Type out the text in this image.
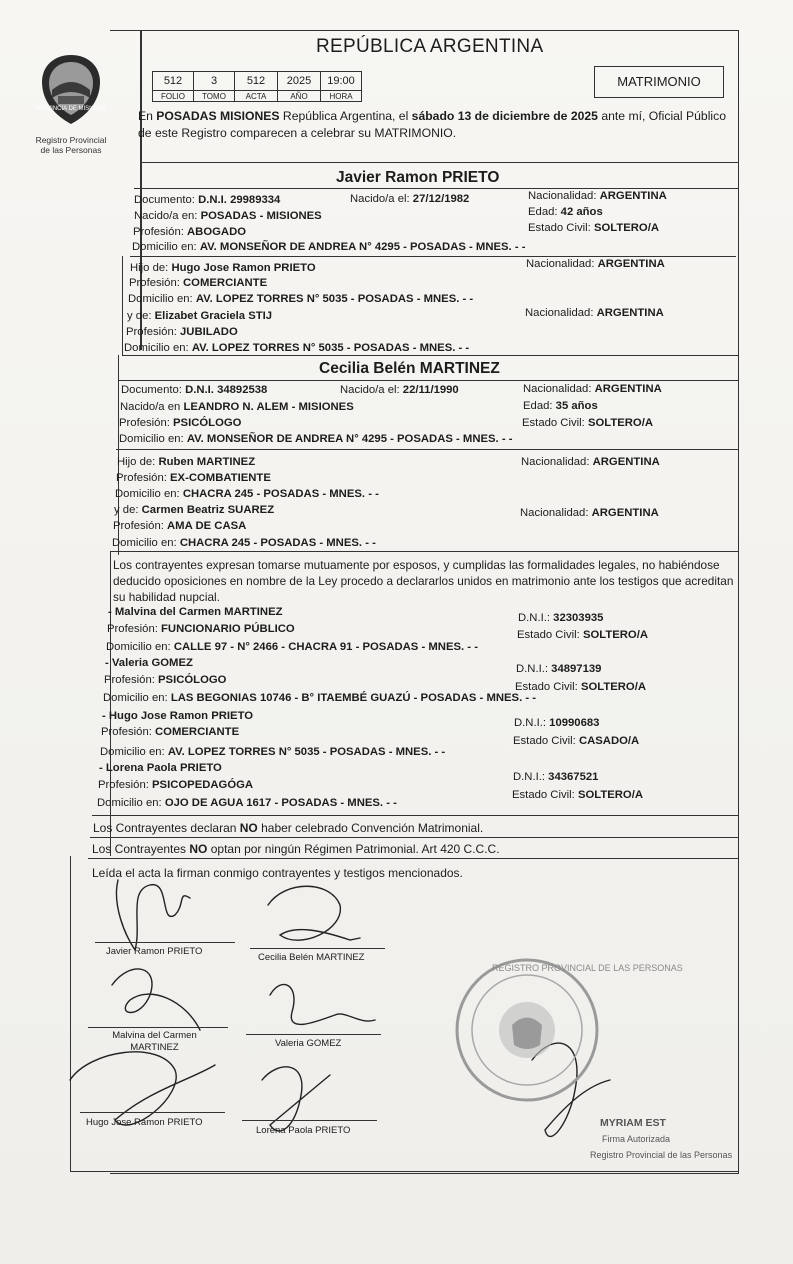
PROVINCIA DE MISIONES
Registro Provincial
de las Personas
REPÚBLICA ARGENTINA
512	3	512	2025	19:00
FOLIO	TOMO	ACTA	AÑO	HORA
MATRIMONIO
En POSADAS MISIONES República Argentina, el sábado 13 de diciembre de 2025 ante mí, Oficial Público de este Registro comparecen a celebrar su MATRIMONIO.
Javier Ramon PRIETO
Documento: D.N.I. 29989334	Nacido/a el: 27/12/1982	Nacionalidad: ARGENTINA
Nacido/a en: POSADAS - MISIONES	Edad: 42 años
Profesión: ABOGADO	Estado Civil: SOLTERO/A
Domicilio en: AV. MONSEÑOR DE ANDREA N° 4295 - POSADAS - MNES. - -
Hijo de: Hugo Jose Ramon PRIETO	Nacionalidad: ARGENTINA
Profesión: COMERCIANTE
Domicilio en: AV. LOPEZ TORRES N° 5035 - POSADAS - MNES. - -
y de: Elizabet Graciela STIJ	Nacionalidad: ARGENTINA
Profesión: JUBILADO
Domicilio en: AV. LOPEZ TORRES N° 5035 - POSADAS - MNES. - -
Cecilia Belén MARTINEZ
Documento: D.N.I. 34892538	Nacido/a el: 22/11/1990	Nacionalidad: ARGENTINA
Nacido/a en LEANDRO N. ALEM - MISIONES	Edad: 35 años
Profesión: PSICÓLOGO	Estado Civil: SOLTERO/A
Domicilio en: AV. MONSEÑOR DE ANDREA N° 4295 - POSADAS - MNES. - -
Hijo de: Ruben MARTINEZ	Nacionalidad: ARGENTINA
Profesión: EX-COMBATIENTE
Domicilio en: CHACRA 245 - POSADAS - MNES. - -
y de: Carmen Beatriz SUAREZ	Nacionalidad: ARGENTINA
Profesión: AMA DE CASA
Domicilio en: CHACRA 245 - POSADAS - MNES. - -
Los contrayentes expresan tomarse mutuamente por esposos, y cumplidas las formalidades legales, no habiéndose deducido oposiciones en nombre de la Ley procedo a declararlos unidos en matrimonio ante los testigos que acreditan su habilidad nupcial.
- Malvina del Carmen MARTINEZ	D.N.I.: 32303935
Profesión: FUNCIONARIO PÚBLICO	Estado Civil: SOLTERO/A
Domicilio en: CALLE 97 - N° 2466 - CHACRA 91 - POSADAS - MNES. - -
- Valeria GOMEZ	D.N.I.: 34897139
Profesión: PSICÓLOGO
Estado Civil: SOLTERO/A
Domicilio en: LAS BEGONIAS 10746 - B° ITAEMBÉ GUAZÚ - POSADAS - MNES. - -
- Hugo Jose Ramon PRIETO
D.N.I.: 10990683
Profesión: COMERCIANTE
Estado Civil: CASADO/A
Domicilio en: AV. LOPEZ TORRES N° 5035 - POSADAS - MNES. - -
- Lorena Paola PRIETO
D.N.I.: 34367521
Profesión: PSICOPEDAGÓGA
Estado Civil: SOLTERO/A
Domicilio en: OJO DE AGUA 1617 - POSADAS - MNES. - -
Los Contrayentes declaran NO haber celebrado Convención Matrimonial.
Los Contrayentes NO optan por ningún Régimen Patrimonial. Art 420 C.C.C.
Leída el acta la firman conmigo contrayentes y testigos mencionados.
Javier Ramon PRIETO
Cecilia Belén MARTINEZ
Malvina del Carmen MARTINEZ	Valeria GOMEZ
Hugo Jose Ramon PRIETO
Lorena Paola PRIETO
REGISTRO PROVINCIAL DE LAS PERSONAS
MYRIAM EST
Firma Autorizada
Registro Provincial de las Personas
